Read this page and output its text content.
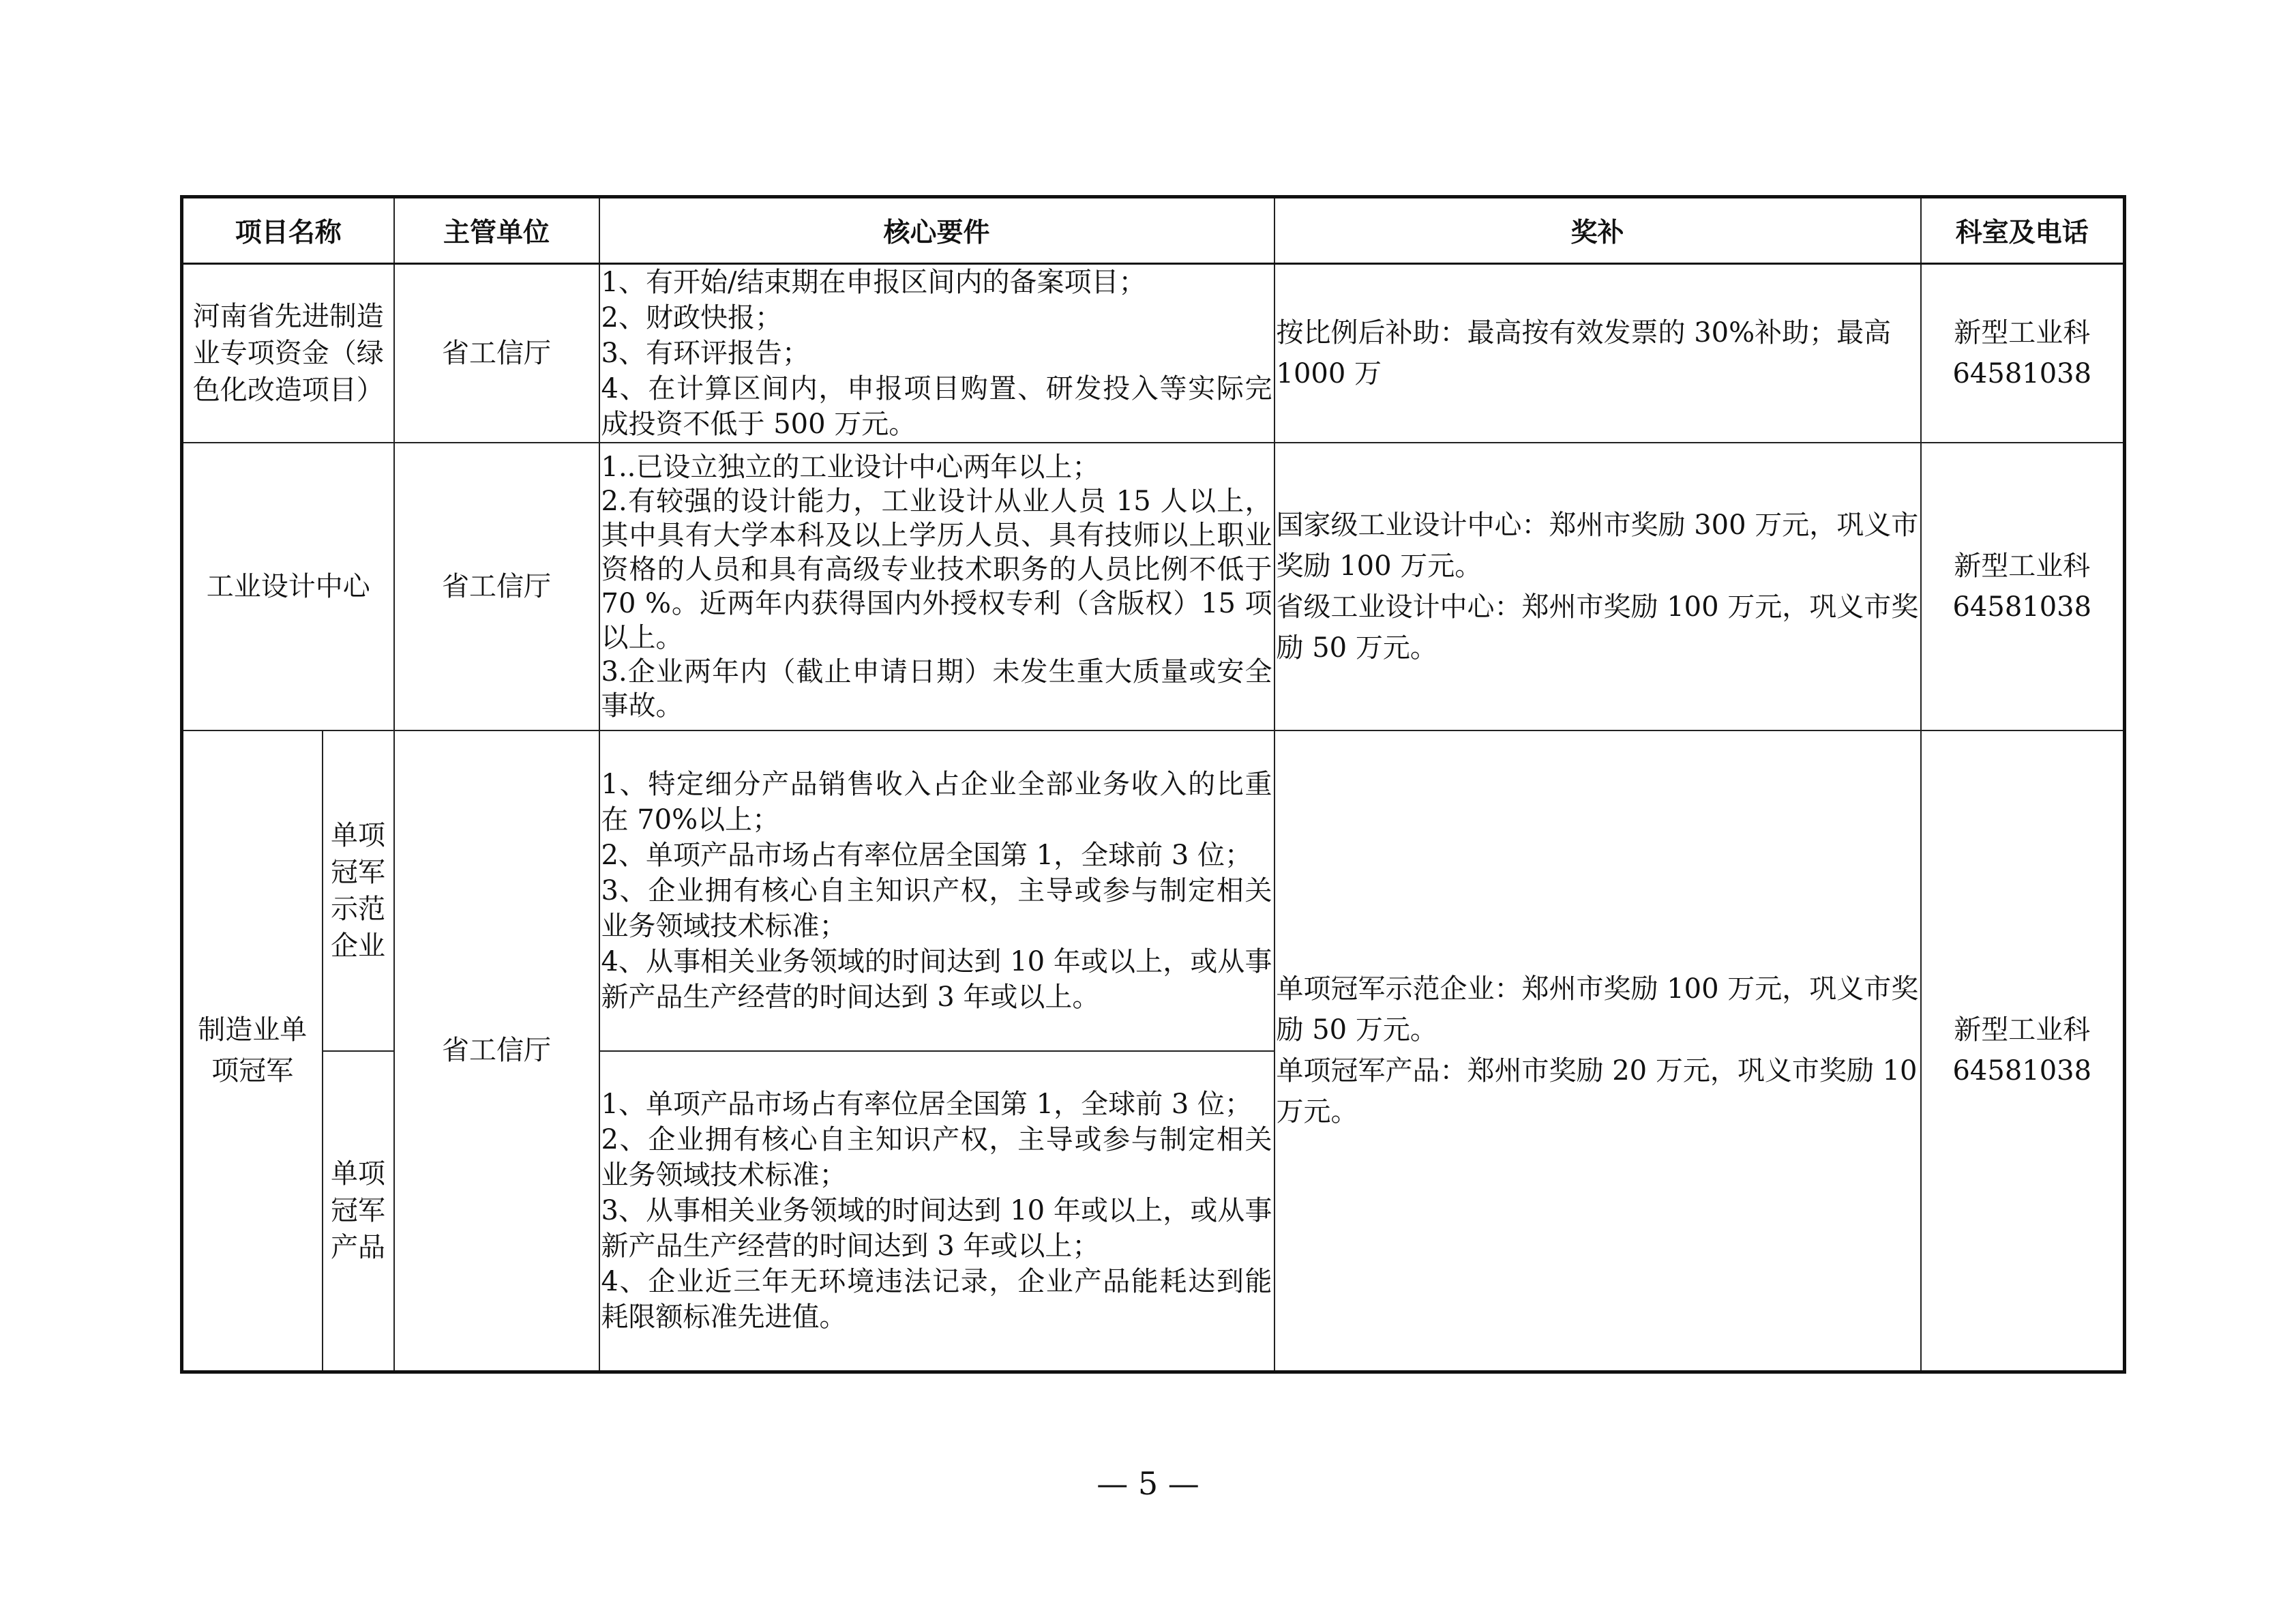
项目名称		主管单位	核心要件	奖补	科室及电话
河南省先进制造业专项资金（绿色化改造项目）		省工信厅	1、有开始/结束期在申报区间内的备案项目；
2、财政快报；
3、有环评报告；
4、在计算区间内，申报项目购置、研发投入等实际完成投资不低于 500 万元。	按比例后补助：最高按有效发票的 30%补助；最高 1000 万	新型工业科
64581038

工业设计中心		省工信厅	1..已设立独立的工业设计中心两年以上；
2.有较强的设计能力，工业设计从业人员 15 人以上，其中具有大学本科及以上学历人员、具有技师以上职业资格的人员和具有高级专业技术职务的人员比例不低于 70 %。近两年内获得国内外授权专利（含版权）15 项以上。
3.企业两年内（截止申请日期）未发生重大质量或安全事故。	国家级工业设计中心：郑州市奖励 300 万元，巩义市奖励 100 万元。
省级工业设计中心：郑州市奖励 100 万元，巩义市奖励 50 万元。	新型工业科
64581038

制造业单项冠军	单项冠军示范企业	省工信厅	1、特定细分产品销售收入占企业全部业务收入的比重在 70%以上；
2、单项产品市场占有率位居全国第 1，全球前 3 位；
3、企业拥有核心自主知识产权，主导或参与制定相关业务领域技术标准；
4、从事相关业务领域的时间达到 10 年或以上，或从事新产品生产经营的时间达到 3 年或以上。	单项冠军示范企业：郑州市奖励 100 万元，巩义市奖励 50 万元。
单项冠军产品：郑州市奖励 20 万元，巩义市奖励 10 万元。	新型工业科
64581038

	单项冠军产品		1、单项产品市场占有率位居全国第 1，全球前 3 位；
2、企业拥有核心自主知识产权，主导或参与制定相关业务领域技术标准；
3、从事相关业务领域的时间达到 10 年或以上，或从事新产品生产经营的时间达到 3 年或以上；
4、企业近三年无环境违法记录，企业产品能耗达到能耗限额标准先进值。		
— 5 —
